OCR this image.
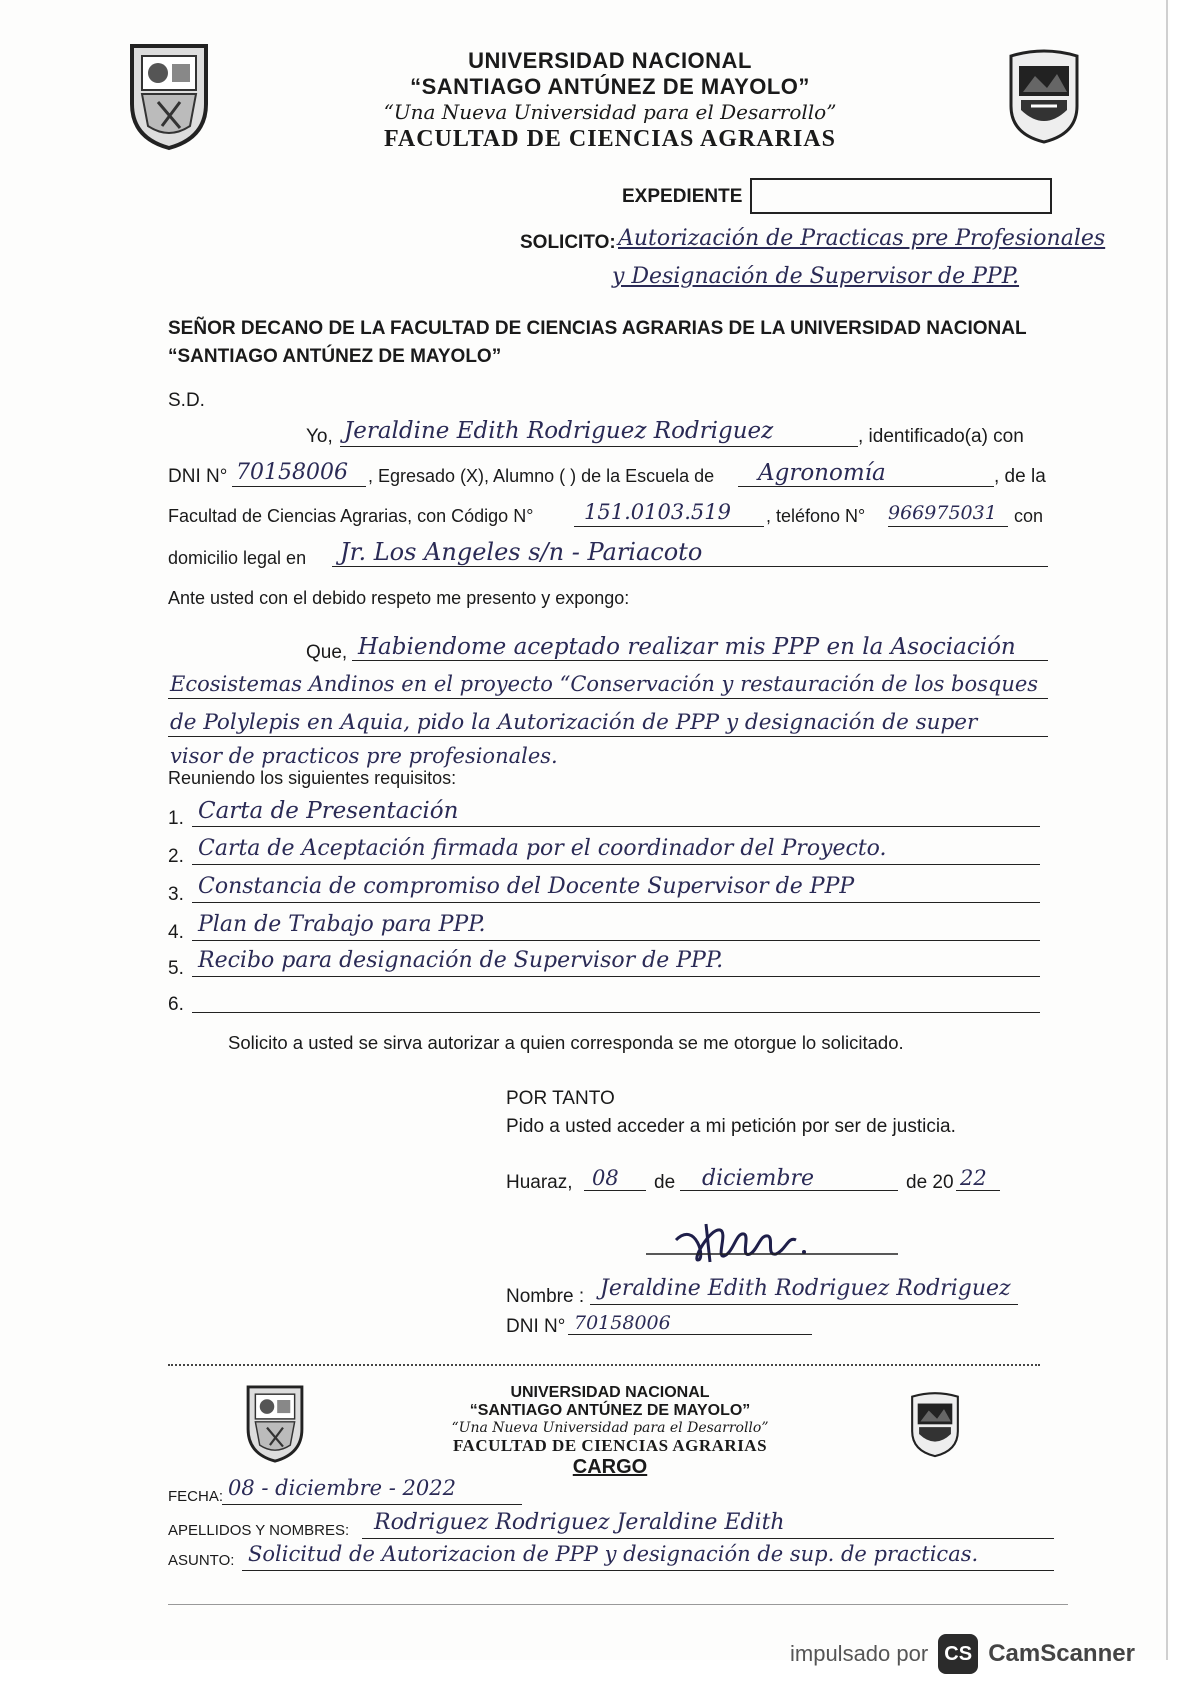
UNIVERSIDAD NACIONAL
“SANTIAGO ANTÚNEZ DE MAYOLO”
“Una Nueva Universidad para el Desarrollo”
FACULTAD DE CIENCIAS AGRARIAS
EXPEDIENTE
SOLICITO: Autorización de Practicas pre Profesionales
y Designación de Supervisor de PPP.
SEÑOR DECANO DE LA FACULTAD DE CIENCIAS AGRARIAS DE LA UNIVERSIDAD NACIONAL
“SANTIAGO ANTÚNEZ DE MAYOLO”
S.D.
Yo, Jeraldine Edith Rodriguez Rodriguez	, identificado(a) con
DNI N° 70158006 , Egresado (X), Alumno ( ) de la Escuela de Agronomía	, de la
Facultad de Ciencias Agrarias, con Código N° 151.0103.519 , teléfono N° 966975031 con
domicilio legal en Jr. Los Angeles s/n - Pariacoto
Ante usted con el debido respeto me presento y expongo:
Que, Habiendome aceptado realizar mis PPP en la Asociación
Ecosistemas Andinos en el proyecto “Conservación y restauración de los bosques
de Polylepis en Aquia, pido la Autorización de PPP y designación de super
visor de practicos pre profesionales.
Reuniendo los siguientes requisitos:
1. Carta de Presentación
2. Carta de Aceptación firmada por el coordinador del Proyecto.
3. Constancia de compromiso del Docente Supervisor de PPP
4. Plan de Trabajo para PPP.
5. Recibo para designación de Supervisor de PPP.
6.
Solicito a usted se sirva autorizar a quien corresponda se me otorgue lo solicitado.
POR TANTO
Pido a usted acceder a mi petición por ser de justicia.
Huaraz, 08 de diciembre	de 20 22
Nombre : Jeraldine Edith Rodriguez Rodriguez
DNI N° 70158006
UNIVERSIDAD NACIONAL
“SANTIAGO ANTÚNEZ DE MAYOLO”
“Una Nueva Universidad para el Desarrollo”
FACULTAD DE CIENCIAS AGRARIAS
CARGO
FECHA: 08 - diciembre - 2022
APELLIDOS Y NOMBRES: Rodriguez Rodriguez Jeraldine Edith
ASUNTO: Solicitud de Autorizacion de PPP y designación de sup. de practicas.
impulsado por CS CamScanner
